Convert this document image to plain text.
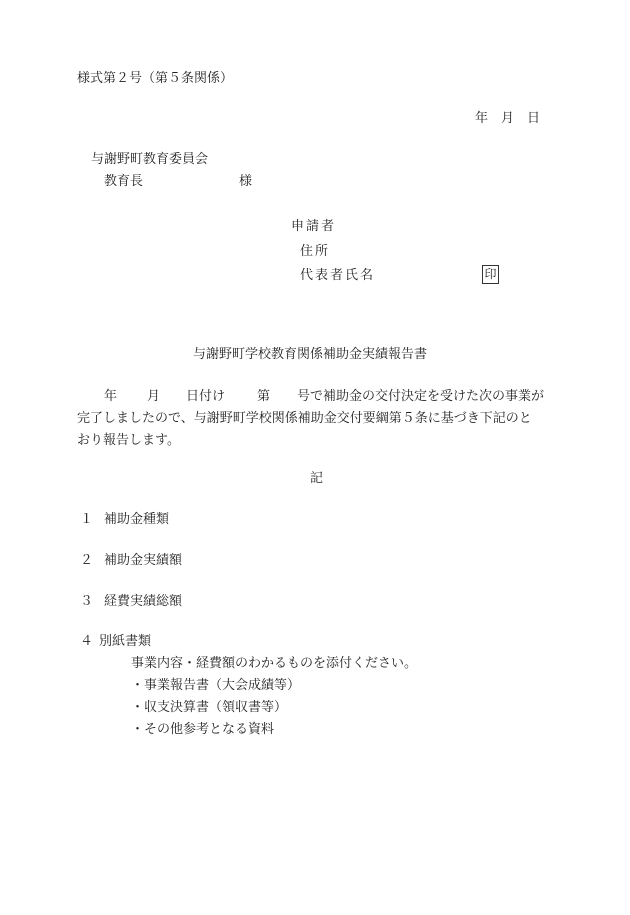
様式第２号（第５条関係）
年　月　日
与謝野町教育委員会
教育長	様
申請者
住所
代表者氏名	印
与謝野町学校教育関係補助金実績報告書
年 月 日付け 第 号で補助金の交付決定を受けた次の事業が
完了しましたので、与謝野町学校関係補助金交付要綱第５条に基づき下記のと
おり報告します。
記
１ 補助金種類
２ 補助金実績額
３ 経費実績総額
４ 別紙書類
事業内容・経費額のわかるものを添付ください。
・事業報告書（大会成績等）
・収支決算書（領収書等）
・その他参考となる資料
